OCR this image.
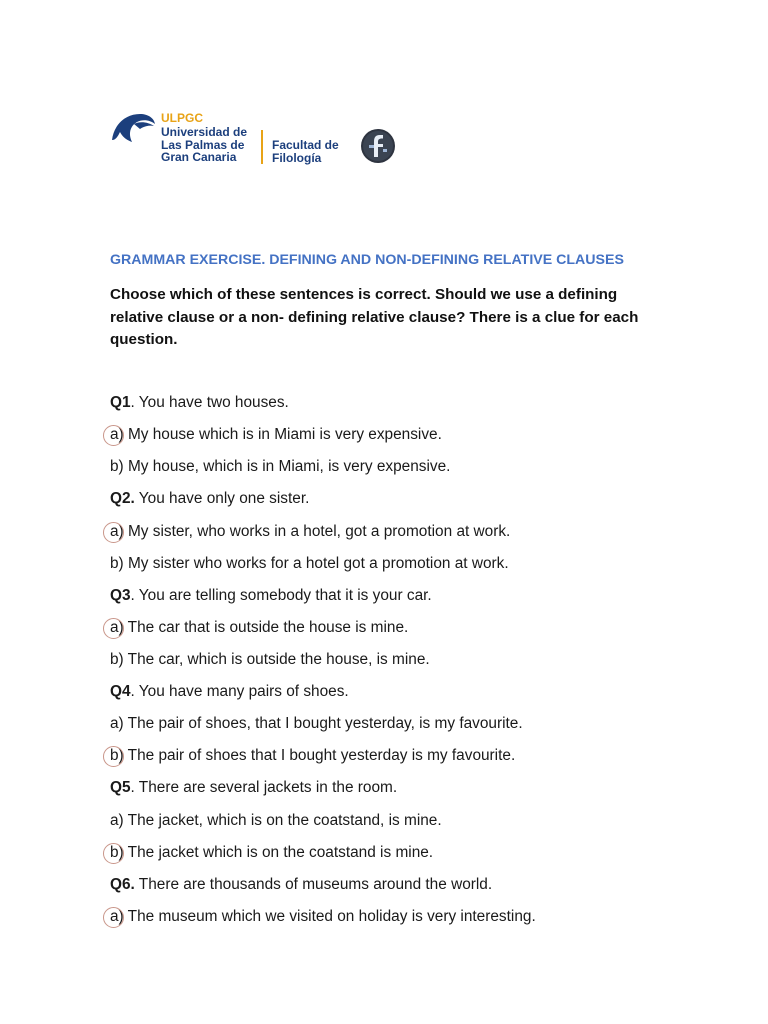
ULPGC
Universidad de
Las Palmas de
Gran Canaria
Facultad de
Filología
GRAMMAR EXERCISE. DEFINING AND NON-DEFINING RELATIVE CLAUSES
Choose which of these sentences is correct. Should we use a defining relative clause or a non- defining relative clause? There is a clue for each question.
Q1. You have two houses.
a) My house which is in Miami is very expensive.
b) My house, which is in Miami, is very expensive.
Q2. You have only one sister.
a) My sister, who works in a hotel, got a promotion at work.
b) My sister who works for a hotel got a promotion at work.
Q3. You are telling somebody that it is your car.
a) The car that is outside the house is mine.
b) The car, which is outside the house, is mine.
Q4. You have many pairs of shoes.
a) The pair of shoes, that I bought yesterday, is my favourite.
b) The pair of shoes that I bought yesterday is my favourite.
Q5. There are several jackets in the room.
a) The jacket, which is on the coatstand, is mine.
b) The jacket which is on the coatstand is mine.
Q6. There are thousands of museums around the world.
a) The museum which we visited on holiday is very interesting.
